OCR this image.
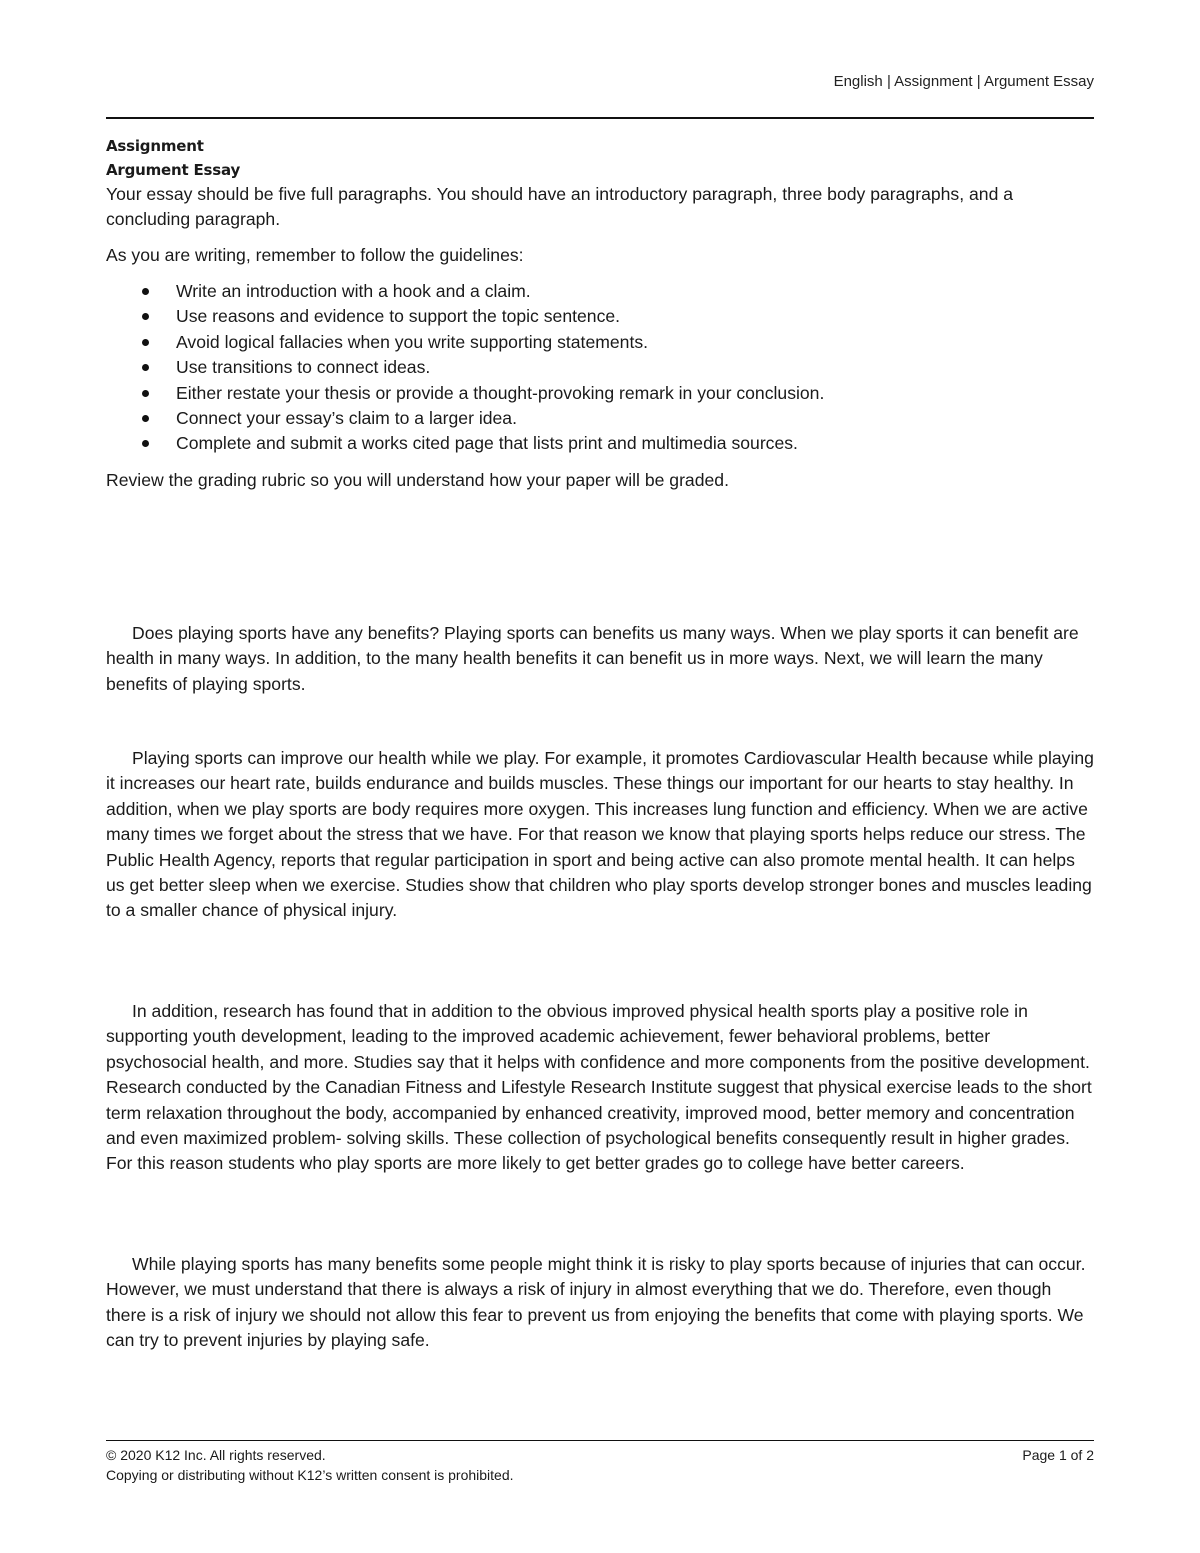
English | Assignment | Argument Essay
Assignment
Argument Essay

Your essay should be five full paragraphs. You should have an introductory paragraph, three body paragraphs, and a concluding paragraph.

As you are writing, remember to follow the guidelines:

Write an introduction with a hook and a claim.
Use reasons and evidence to support the topic sentence.
Avoid logical fallacies when you write supporting statements.
Use transitions to connect ideas.
Either restate your thesis or provide a thought-provoking remark in your conclusion.
Connect your essay’s claim to a larger idea.
Complete and submit a works cited page that lists print and multimedia sources.

Review the grading rubric so you will understand how your paper will be graded.

Does playing sports have any benefits? Playing sports can benefits us many ways. When we play sports it can benefit are health in many ways. In addition, to the many health benefits it can benefit us in more ways. Next, we will learn the many benefits of playing sports.

Playing sports can improve our health while we play. For example, it promotes Cardiovascular Health because while playing it increases our heart rate, builds endurance and builds muscles. These things our important for our hearts to stay healthy. In addition, when we play sports are body requires more oxygen. This increases lung function and efficiency. When we are active many times we forget about the stress that we have. For that reason we know that playing sports helps reduce our stress. The Public Health Agency, reports that regular participation in sport and being active can also promote mental health. It can helps us get better sleep when we exercise. Studies show that children who play sports develop stronger bones and muscles leading to a smaller chance of physical injury.

In addition, research has found that in addition to the obvious improved physical health sports play a positive role in supporting youth development, leading to the improved academic achievement, fewer behavioral problems, better psychosocial health, and more. Studies say that it helps with confidence and more components from the positive development. Research conducted by the Canadian Fitness and Lifestyle Research Institute suggest that physical exercise leads to the short term relaxation throughout the body, accompanied by enhanced creativity, improved mood, better memory and concentration and even maximized problem- solving skills. These collection of psychological benefits consequently result in higher grades. For this reason students who play sports are more likely to get better grades go to college have better careers.

While playing sports has many benefits some people might think it is risky to play sports because of injuries that can occur. However, we must understand that there is always a risk of injury in almost everything that we do. Therefore, even though there is a risk of injury we should not allow this fear to prevent us from enjoying the benefits that come with playing sports. We can try to prevent injuries by playing safe.

© 2020 K12 Inc. All rights reserved.
Copying or distributing without K12’s written consent is prohibited.
Page 1 of 2
